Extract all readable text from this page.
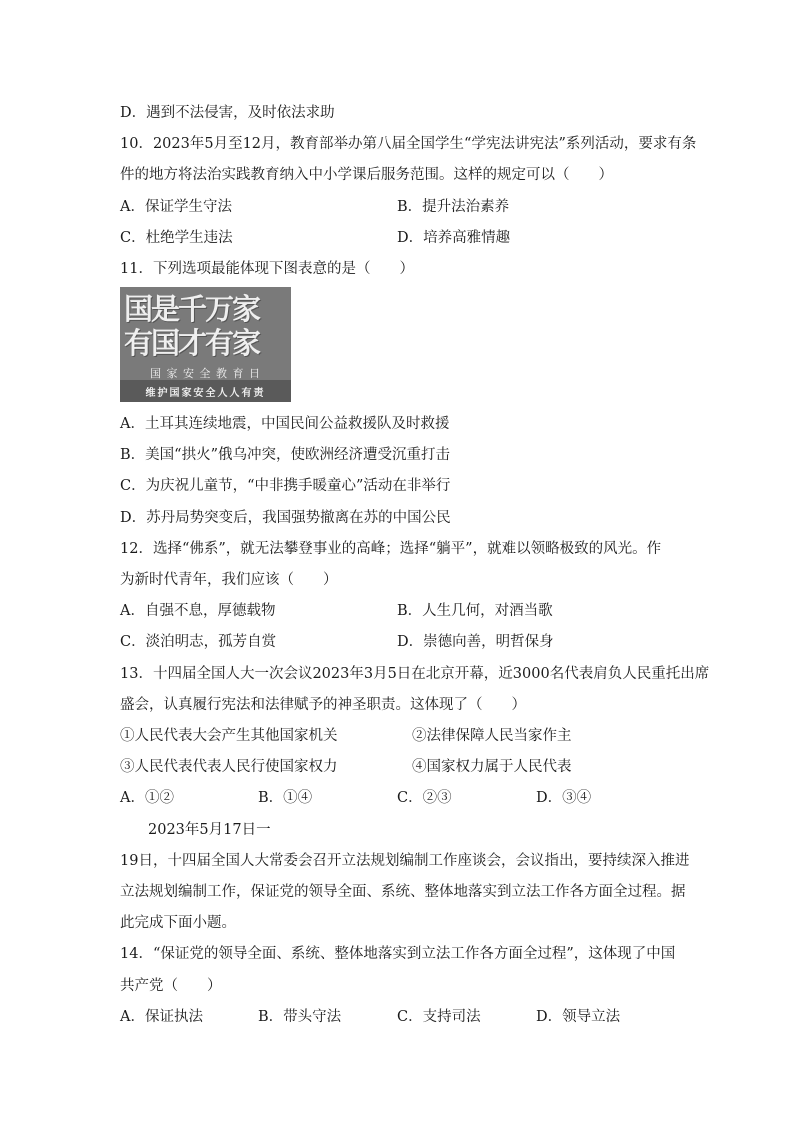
D．遇到不法侵害，及时依法求助
10．2023年5月至12月，教育部举办第八届全国学生“学宪法讲宪法”系列活动，要求有条
件的地方将法治实践教育纳入中小学课后服务范围。这样的规定可以（　　）
A．保证学生守法	B．提升法治素养
C．杜绝学生违法	D．培养高雅情趣
11．下列选项最能体现下图表意的是（　　）
国是千万家
有国才有家
国 家 安 全 教 育 日
维护国家安全人人有责
A．土耳其连续地震，中国民间公益救援队及时救援
B．美国“拱火”俄乌冲突，使欧洲经济遭受沉重打击
C．为庆祝儿童节，“中非携手暖童心”活动在非举行
D．苏丹局势突变后，我国强势撤离在苏的中国公民
12．选择“佛系”，就无法攀登事业的高峰；选择“躺平”，就难以领略极致的风光。作
为新时代青年，我们应该（　　）
A．自强不息，厚德载物	B．人生几何，对酒当歌
C．淡泊明志，孤芳自赏	D．崇德向善，明哲保身
13．十四届全国人大一次会议2023年3月5日在北京开幕，近3000名代表肩负人民重托出席
盛会，认真履行宪法和法律赋予的神圣职责。这体现了（　　）
①人民代表大会产生其他国家机关	②法律保障人民当家作主
③人民代表代表人民行使国家权力	④国家权力属于人民代表
A．①②	B．①④	C．②③	D．③④
2023年5月17日一
19日，十四届全国人大常委会召开立法规划编制工作座谈会，会议指出，要持续深入推进
立法规划编制工作，保证党的领导全面、系统、整体地落实到立法工作各方面全过程。据
此完成下面小题。
14．“保证党的领导全面、系统、整体地落实到立法工作各方面全过程”，这体现了中国
共产党（　　）
A．保证执法	B．带头守法	C．支持司法	D．领导立法
